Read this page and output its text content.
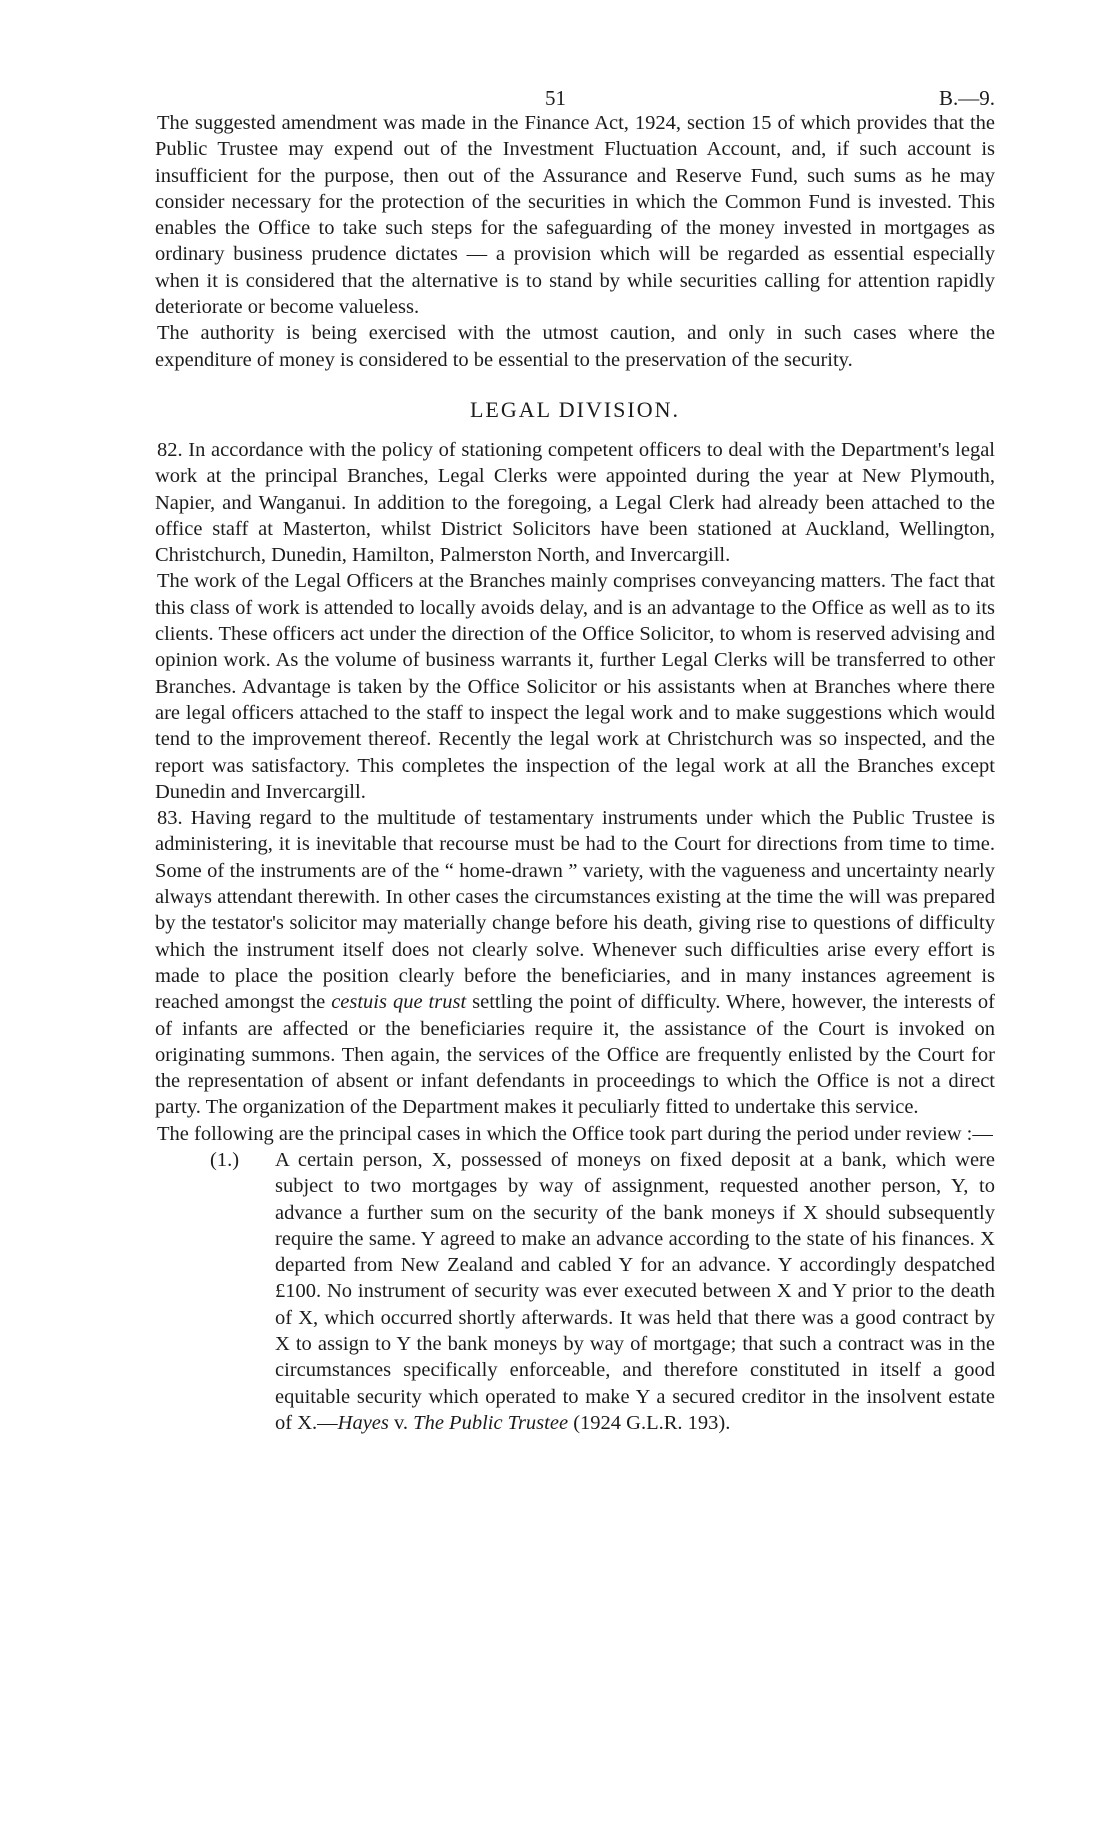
51	B.—9.

The suggested amendment was made in the Finance Act, 1924, section 15 of which provides that the Public Trustee may expend out of the Investment Fluctuation Account, and, if such account is insufficient for the purpose, then out of the Assurance and Reserve Fund, such sums as he may consider necessary for the protection of the securities in which the Common Fund is invested. This enables the Office to take such steps for the safeguarding of the money invested in mortgages as ordinary business prudence dictates — a provision which will be regarded as essential especially when it is considered that the alternative is to stand by while securities calling for attention rapidly deteriorate or become valueless.

The authority is being exercised with the utmost caution, and only in such cases where the expenditure of money is considered to be essential to the preservation of the security.

LEGAL DIVISION.

82. In accordance with the policy of stationing competent officers to deal with the Department's legal work at the principal Branches, Legal Clerks were appointed during the year at New Plymouth, Napier, and Wanganui. In addition to the foregoing, a Legal Clerk had already been attached to the office staff at Masterton, whilst District Solicitors have been stationed at Auckland, Wellington, Christchurch, Dunedin, Hamilton, Palmerston North, and Invercargill.

The work of the Legal Officers at the Branches mainly comprises conveyancing matters. The fact that this class of work is attended to locally avoids delay, and is an advantage to the Office as well as to its clients. These officers act under the direction of the Office Solicitor, to whom is reserved advising and opinion work. As the volume of business warrants it, further Legal Clerks will be transferred to other Branches. Advantage is taken by the Office Solicitor or his assistants when at Branches where there are legal officers attached to the staff to inspect the legal work and to make suggestions which would tend to the improvement thereof. Recently the legal work at Christchurch was so inspected, and the report was satisfactory. This completes the inspection of the legal work at all the Branches except Dunedin and Invercargill.

83. Having regard to the multitude of testamentary instruments under which the Public Trustee is administering, it is inevitable that recourse must be had to the Court for directions from time to time. Some of the instruments are of the “ home-drawn ” variety, with the vagueness and uncertainty nearly always attendant therewith. In other cases the circumstances existing at the time the will was prepared by the testator's solicitor may materially change before his death, giving rise to questions of difficulty which the instrument itself does not clearly solve. Whenever such difficulties arise every effort is made to place the position clearly before the beneficiaries, and in many instances agreement is reached amongst the cestuis que trust settling the point of difficulty. Where, however, the interests of of infants are affected or the beneficiaries require it, the assistance of the Court is invoked on originating summons. Then again, the services of the Office are frequently enlisted by the Court for the representation of absent or infant defendants in proceedings to which the Office is not a direct party. The organization of the Department makes it peculiarly fitted to undertake this service.

The following are the principal cases in which the Office took part during the period under review :—

(1.) A certain person, X, possessed of moneys on fixed deposit at a bank, which were subject to two mortgages by way of assignment, requested another person, Y, to advance a further sum on the security of the bank moneys if X should subsequently require the same. Y agreed to make an advance according to the state of his finances. X departed from New Zealand and cabled Y for an advance. Y accordingly despatched £100. No instrument of security was ever executed between X and Y prior to the death of X, which occurred shortly afterwards. It was held that there was a good contract by X to assign to Y the bank moneys by way of mortgage; that such a contract was in the circumstances specifically enforceable, and therefore constituted in itself a good equitable security which operated to make Y a secured creditor in the insolvent estate of X.—Hayes v. The Public Trustee (1924 G.L.R. 193).
